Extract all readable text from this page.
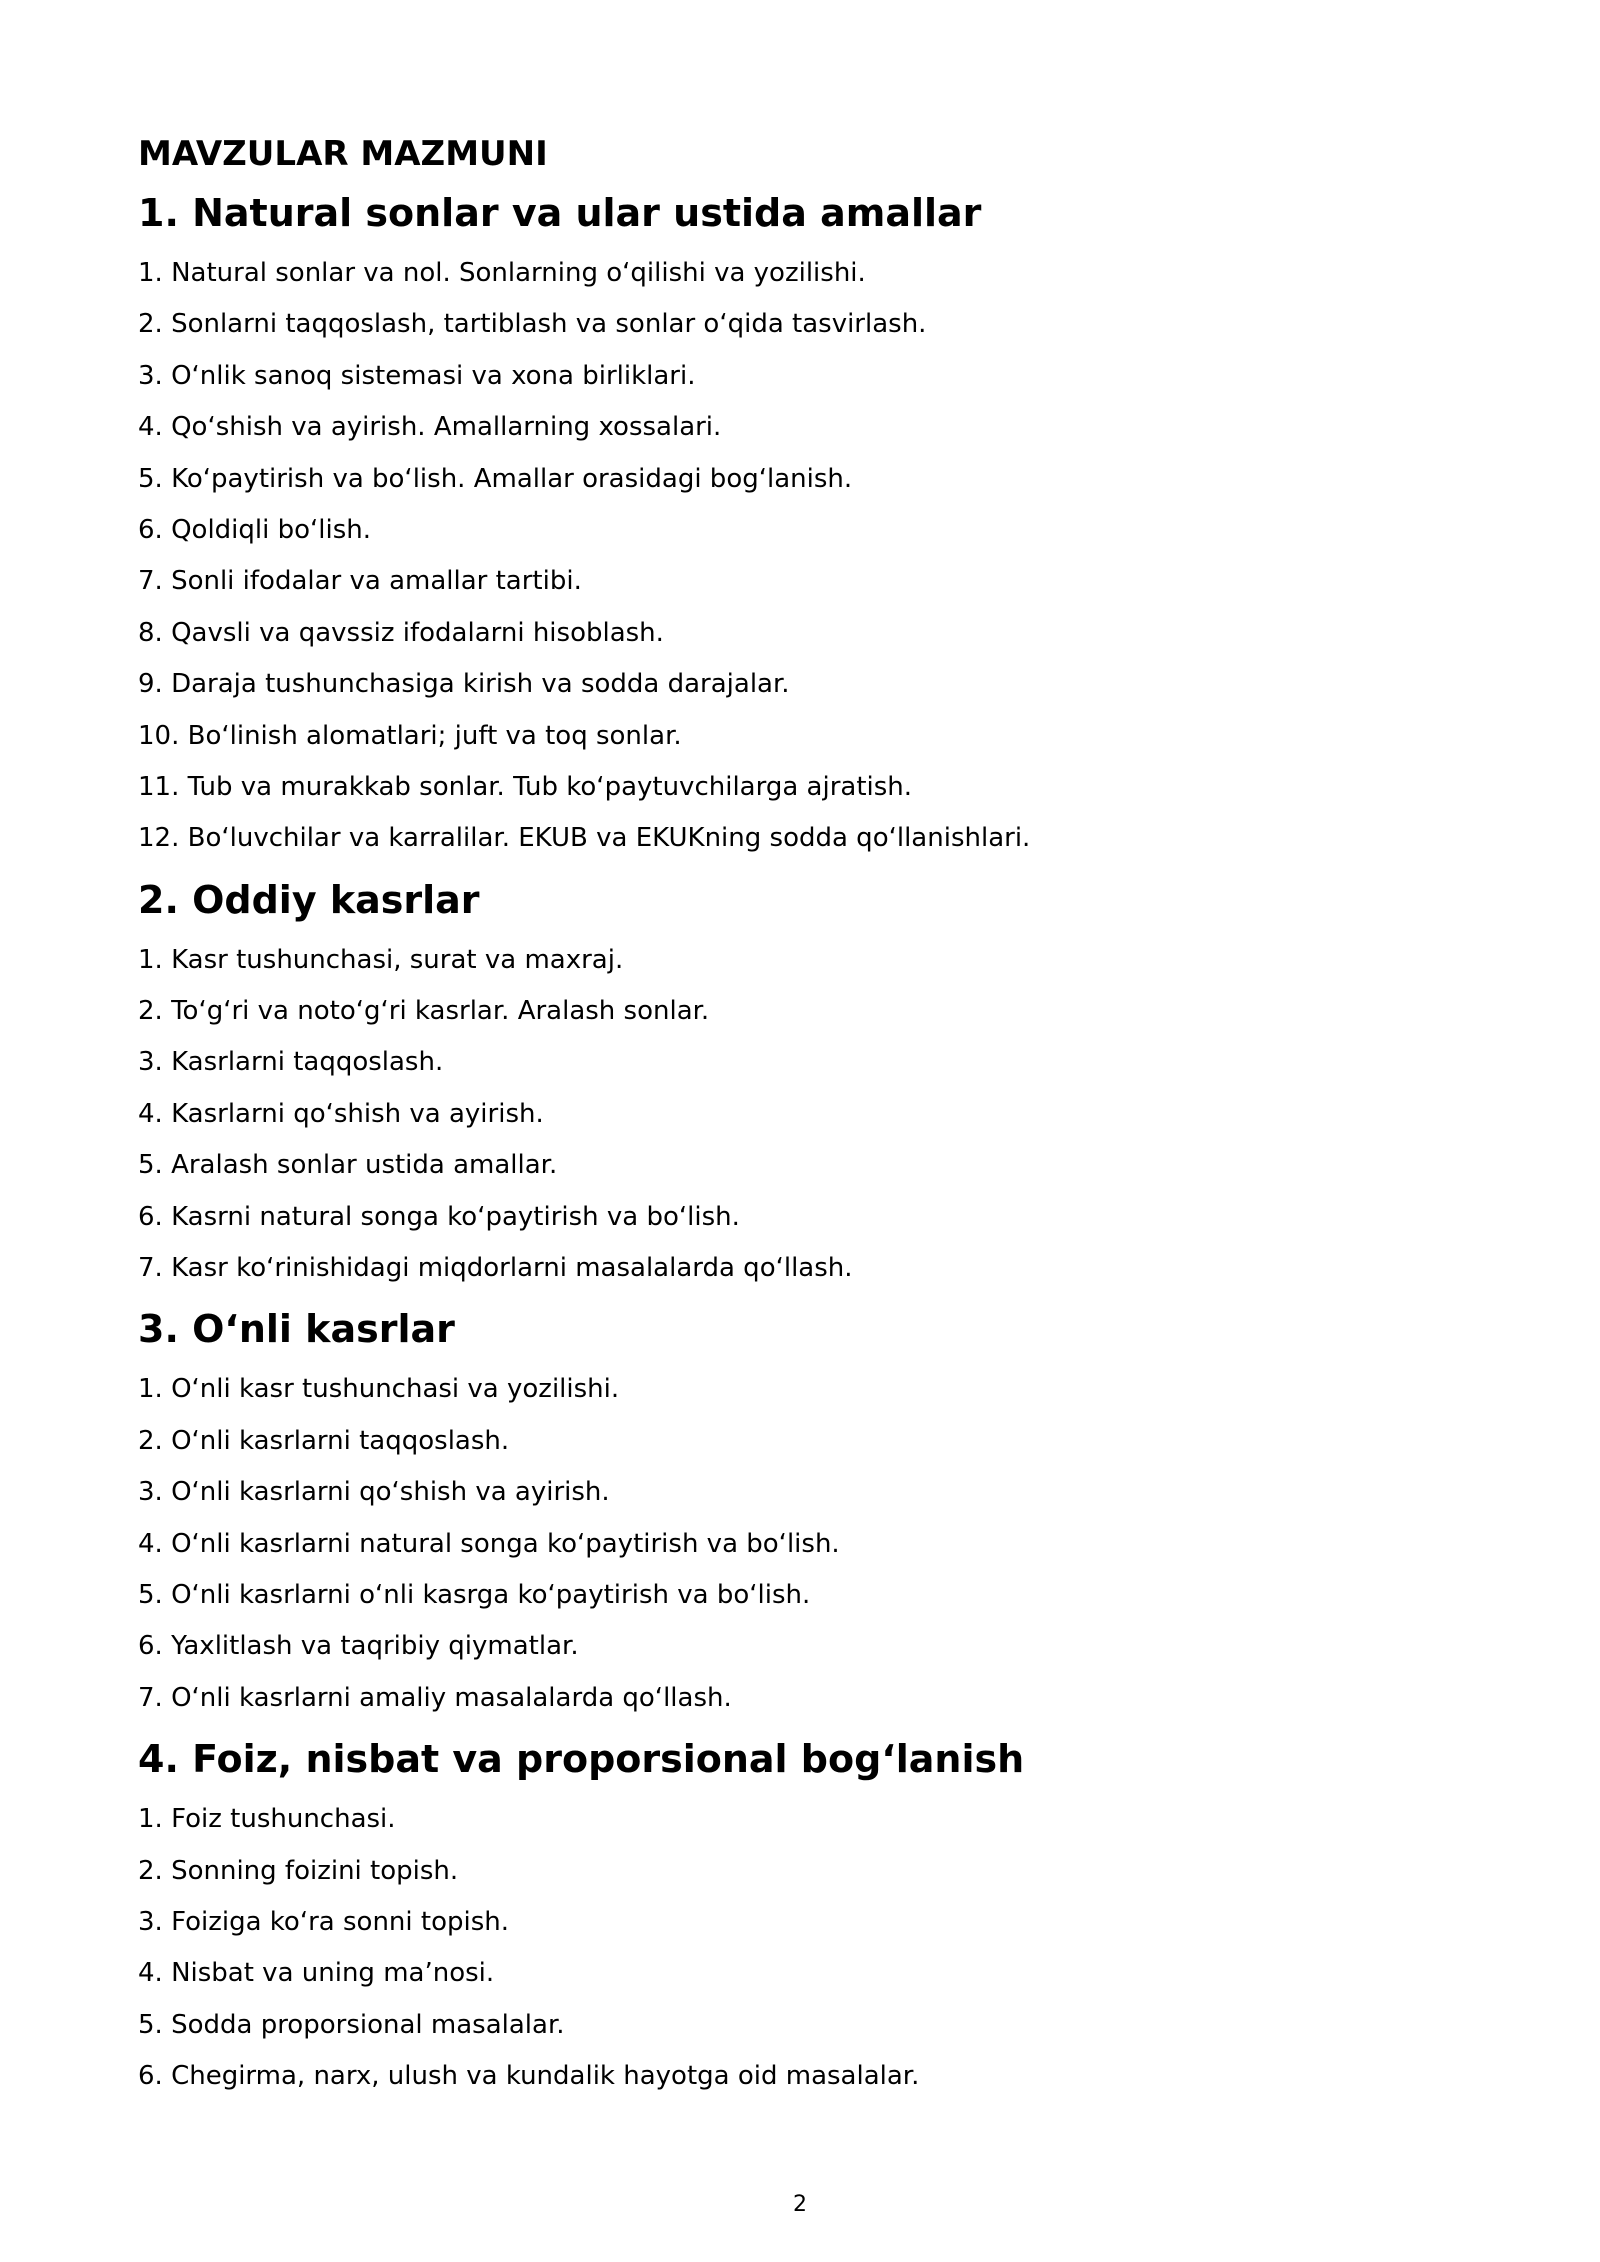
MAVZULAR MAZMUNI
1. Natural sonlar va ular ustida amallar
1. Natural sonlar va nol. Sonlarning o‘qilishi va yozilishi.
2. Sonlarni taqqoslash, tartiblash va sonlar o‘qida tasvirlash.
3. O‘nlik sanoq sistemasi va xona birliklari.
4. Qo‘shish va ayirish. Amallarning xossalari.
5. Ko‘paytirish va bo‘lish. Amallar orasidagi bog‘lanish.
6. Qoldiqli bo‘lish.
7. Sonli ifodalar va amallar tartibi.
8. Qavsli va qavssiz ifodalarni hisoblash.
9. Daraja tushunchasiga kirish va sodda darajalar.
10. Bo‘linish alomatlari; juft va toq sonlar.
11. Tub va murakkab sonlar. Tub ko‘paytuvchilarga ajratish.
12. Bo‘luvchilar va karralilar. EKUB va EKUKning sodda qo‘llanishlari.
2. Oddiy kasrlar
1. Kasr tushunchasi, surat va maxraj.
2. To‘g‘ri va noto‘g‘ri kasrlar. Aralash sonlar.
3. Kasrlarni taqqoslash.
4. Kasrlarni qo‘shish va ayirish.
5. Aralash sonlar ustida amallar.
6. Kasrni natural songa ko‘paytirish va bo‘lish.
7. Kasr ko‘rinishidagi miqdorlarni masalalarda qo‘llash.
3. O‘nli kasrlar
1. O‘nli kasr tushunchasi va yozilishi.
2. O‘nli kasrlarni taqqoslash.
3. O‘nli kasrlarni qo‘shish va ayirish.
4. O‘nli kasrlarni natural songa ko‘paytirish va bo‘lish.
5. O‘nli kasrlarni o‘nli kasrga ko‘paytirish va bo‘lish.
6. Yaxlitlash va taqribiy qiymatlar.
7. O‘nli kasrlarni amaliy masalalarda qo‘llash.
4. Foiz, nisbat va proporsional bog‘lanish
1. Foiz tushunchasi.
2. Sonning foizini topish.
3. Foiziga ko‘ra sonni topish.
4. Nisbat va uning ma’nosi.
5. Sodda proporsional masalalar.
6. Chegirma, narx, ulush va kundalik hayotga oid masalalar.
2
